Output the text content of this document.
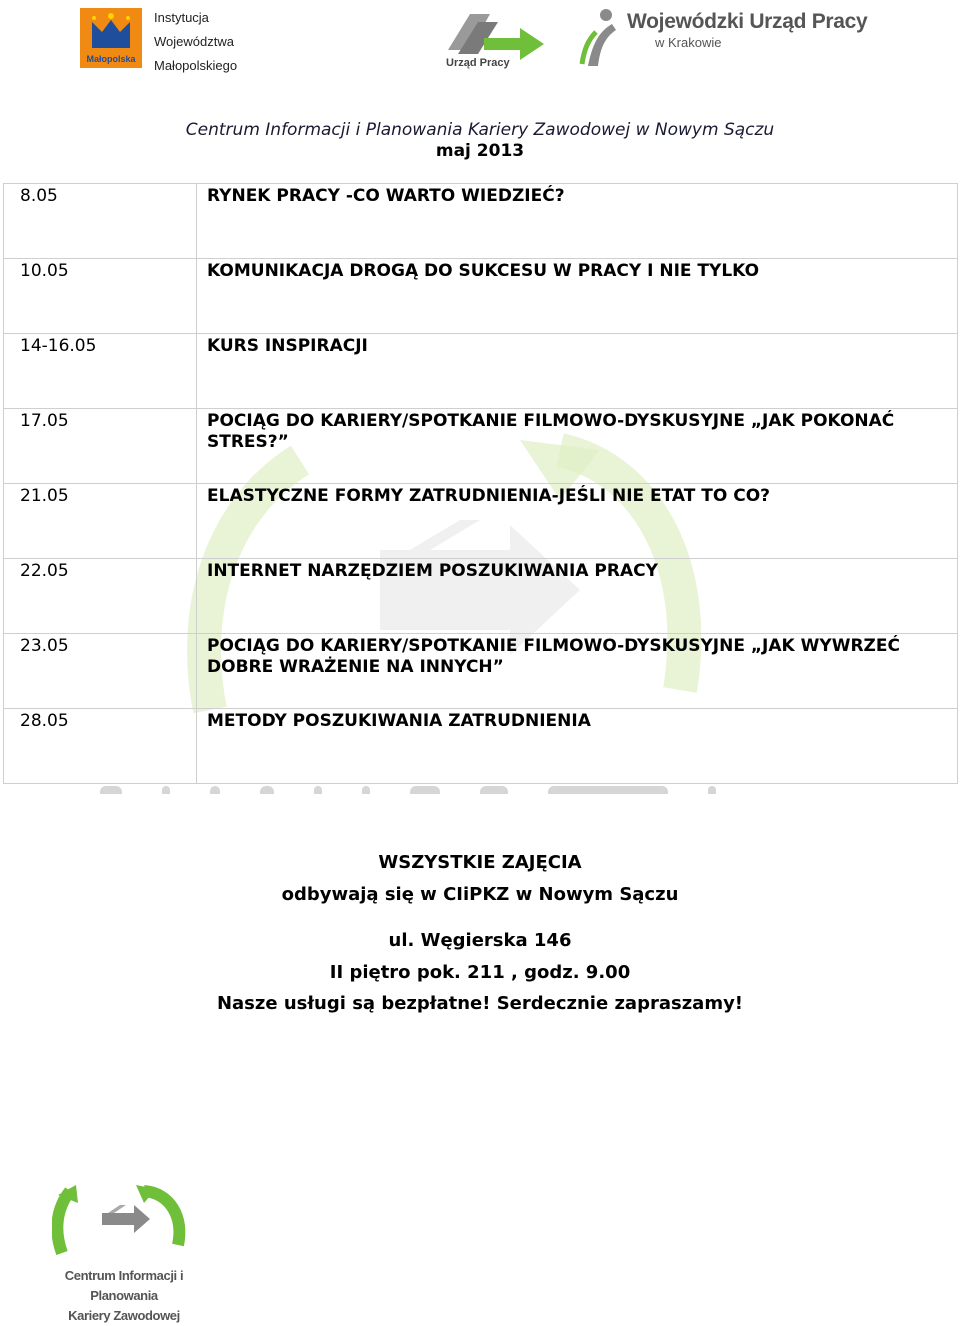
Małopolska
Instytucja
Województwa
Małopolskiego	Urząd Pracy
Wojewódzki Urząd Pracy
w Krakowie
Centrum Informacji i Planowania Kariery Zawodowej w Nowym Sączu
maj 2013
8.05	RYNEK PRACY -CO WARTO WIEDZIEĆ?
10.05	KOMUNIKACJA DROGĄ DO SUKCESU W PRACY I NIE TYLKO
14-16.05	KURS INSPIRACJI
17.05	POCIĄG DO KARIERY/SPOTKANIE FILMOWO-DYSKUSYJNE „JAK POKONAĆ STRES?”
21.05	ELASTYCZNE FORMY ZATRUDNIENIA-JEŚLI NIE ETAT TO CO?
22.05	INTERNET NARZĘDZIEM POSZUKIWANIA PRACY
23.05	POCIĄG DO KARIERY/SPOTKANIE FILMOWO-DYSKUSYJNE „JAK WYWRZEĆ DOBRE WRAŻENIE NA INNYCH”
28.05	METODY POSZUKIWANIA ZATRUDNIENIA
WSZYSTKIE ZAJĘCIA
odbywają się w CIiPKZ w Nowym Sączu
ul. Węgierska 146
II piętro pok. 211 , godz. 9.00
Nasze usługi są bezpłatne! Serdecznie zapraszamy!
Centrum Informacji i Planowania
Kariery Zawodowej
